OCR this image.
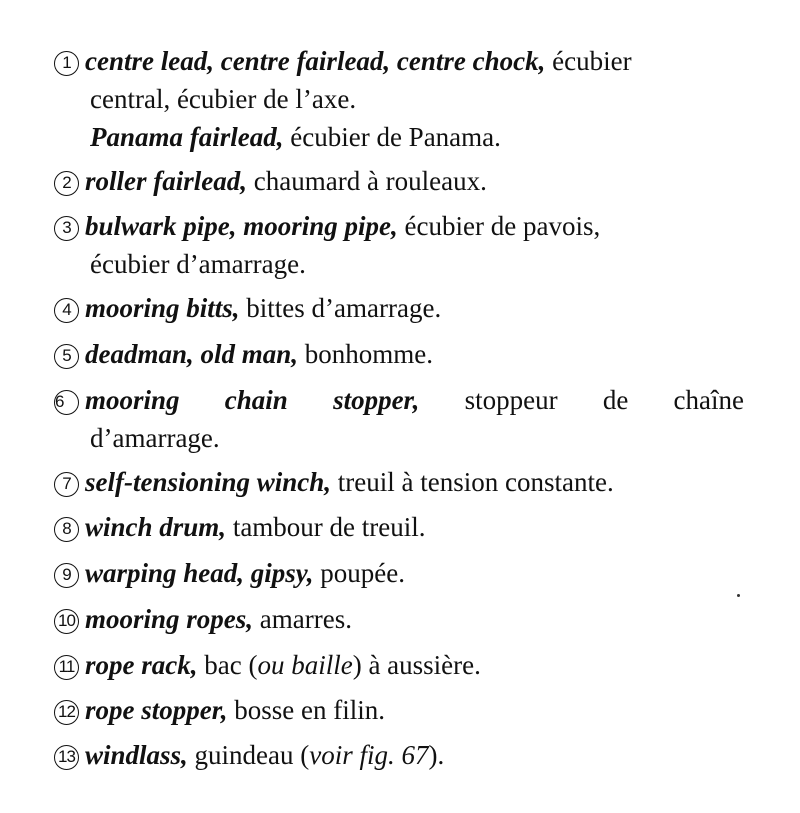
1 centre lead, centre fairlead, centre chock, écubier
central, écubier de l’axe.
Panama fairlead, écubier de Panama.
2 roller fairlead, chaumard à rouleaux.
3 bulwark pipe, mooring pipe, écubier de pavois,
écubier d’amarrage.
4 mooring bitts, bittes d’amarrage.
5 deadman, old man, bonhomme.
6 mooring chain stopper, stoppeur de chaîne
d’amarrage.
7 self-tensioning winch, treuil à tension constante.
8 winch drum, tambour de treuil.
9 warping head, gipsy, poupée.
10 mooring ropes, amarres.
11 rope rack, bac (ou baille) à aussière.
12 rope stopper, bosse en filin.
13 windlass, guindeau (voir fig. 67).
